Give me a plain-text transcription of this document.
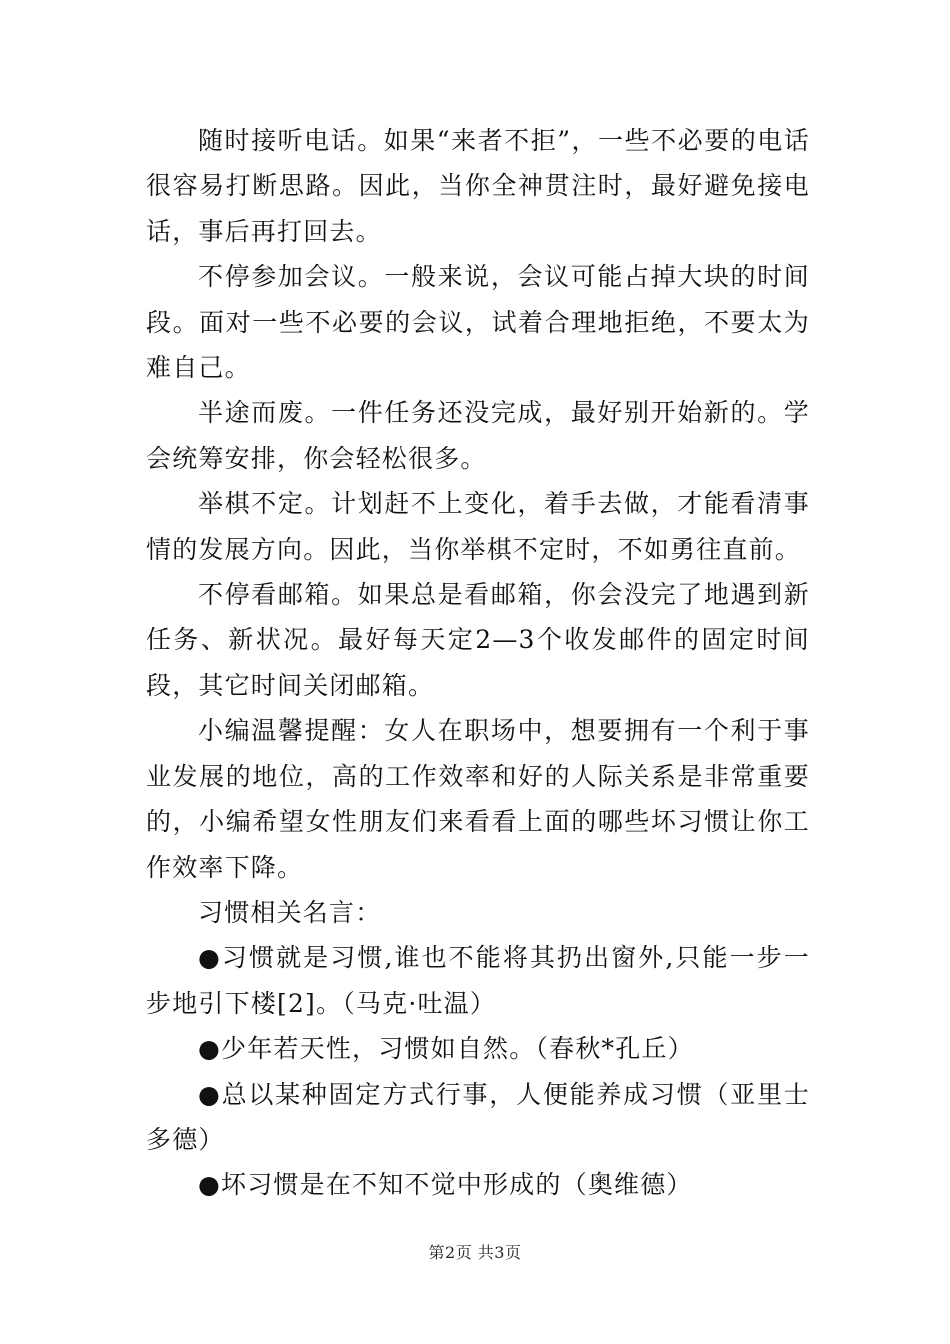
随时接听电话。如果“来者不拒”，一些不必要的电话很容易打断思路。因此，当你全神贯注时，最好避免接电话，事后再打回去。

不停参加会议。一般来说，会议可能占掉大块的时间段。面对一些不必要的会议，试着合理地拒绝，不要太为难自己。

半途而废。一件任务还没完成，最好别开始新的。学会统筹安排，你会轻松很多。

举棋不定。计划赶不上变化，着手去做，才能看清事情的发展方向。因此，当你举棋不定时，不如勇往直前。

不停看邮箱。如果总是看邮箱，你会没完了地遇到新任务、新状况。最好每天定2—3个收发邮件的固定时间段，其它时间关闭邮箱。

小编温馨提醒：女人在职场中，想要拥有一个利于事业发展的地位，高的工作效率和好的人际关系是非常重要的，小编希望女性朋友们来看看上面的哪些坏习惯让你工作效率下降。

习惯相关名言：

●习惯就是习惯,谁也不能将其扔出窗外,只能一步一步地引下楼[2]。（马克·吐温）

●少年若天性，习惯如自然。（春秋*孔丘）

●总以某种固定方式行事，人便能养成习惯（亚里士多德）

●坏习惯是在不知不觉中形成的（奥维德）

第2页 共3页
